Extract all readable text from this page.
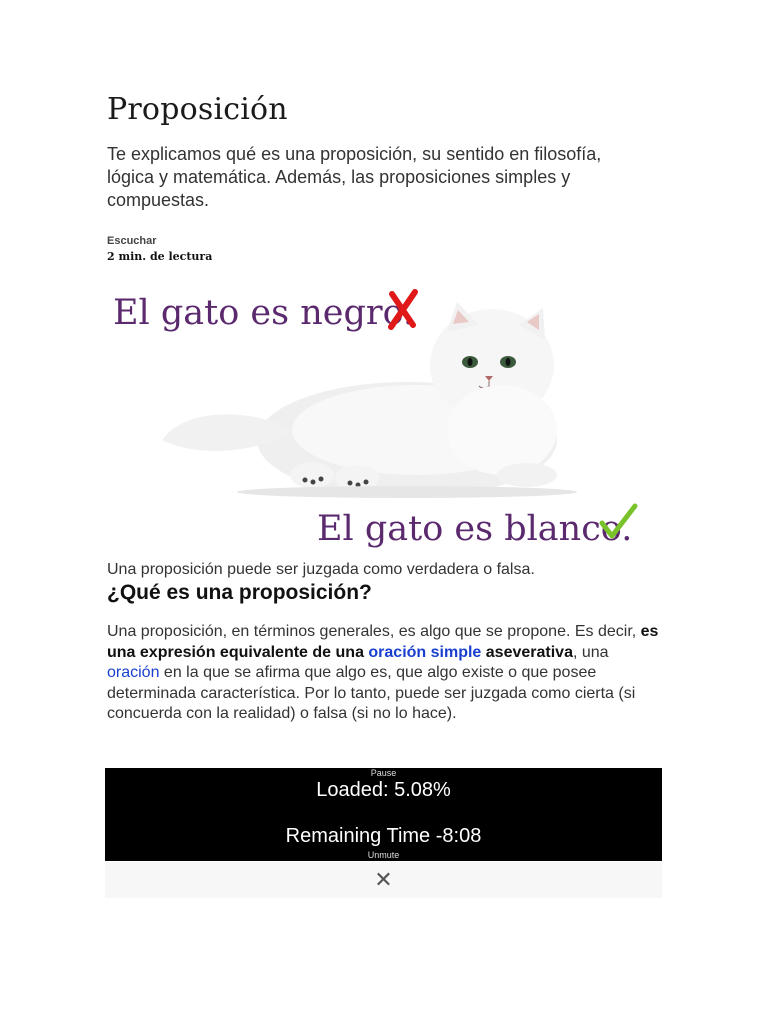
Proposición

Te explicamos qué es una proposición, su sentido en filosofía, lógica y matemática. Además, las proposiciones simples y compuestas.

Escuchar
2 min. de lectura
El gato es negro.
El gato es blanco.

Una proposición puede ser juzgada como verdadera o falsa.

¿Qué es una proposición?

Una proposición, en términos generales, es algo que se propone. Es decir, es una expresión equivalente de una oración simple aseverativa, una oración en la que se afirma que algo es, que algo existe o que posee determinada característica. Por lo tanto, puede ser juzgada como cierta (si concuerda con la realidad) o falsa (si no lo hace).

Pause
Loaded: 5.08%
Remaining Time -8:08
Unmute
✕
